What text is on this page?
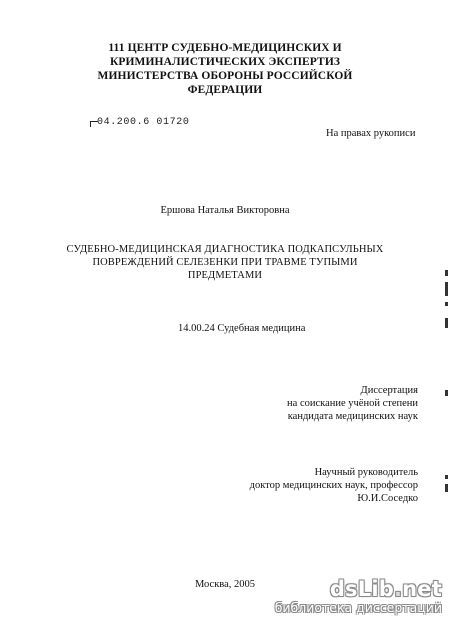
111 ЦЕНТР СУДЕБНО-МЕДИЦИНСКИХ И
КРИМИНАЛИСТИЧЕСКИХ ЭКСПЕРТИЗ
МИНИСТЕРСТВА ОБОРОНЫ РОССИЙСКОЙ ФЕДЕРАЦИИ
04.200.6 01720
На правах рукописи
Ершова Наталья Викторовна
СУДЕБНО-МЕДИЦИНСКАЯ ДИАГНОСТИКА ПОДКАПСУЛЬНЫХ
ПОВРЕЖДЕНИЙ СЕЛЕЗЕНКИ ПРИ ТРАВМЕ ТУПЫМИ ПРЕДМЕТАМИ
14.00.24 Судебная медицина
Диссертация
на соискание учёной степени
кандидата медицинских наук
Научный руководитель
доктор медицинских наук, профессор
Ю.И.Соседко
Москва, 2005	dsLib.net
библиотека диссертаций
